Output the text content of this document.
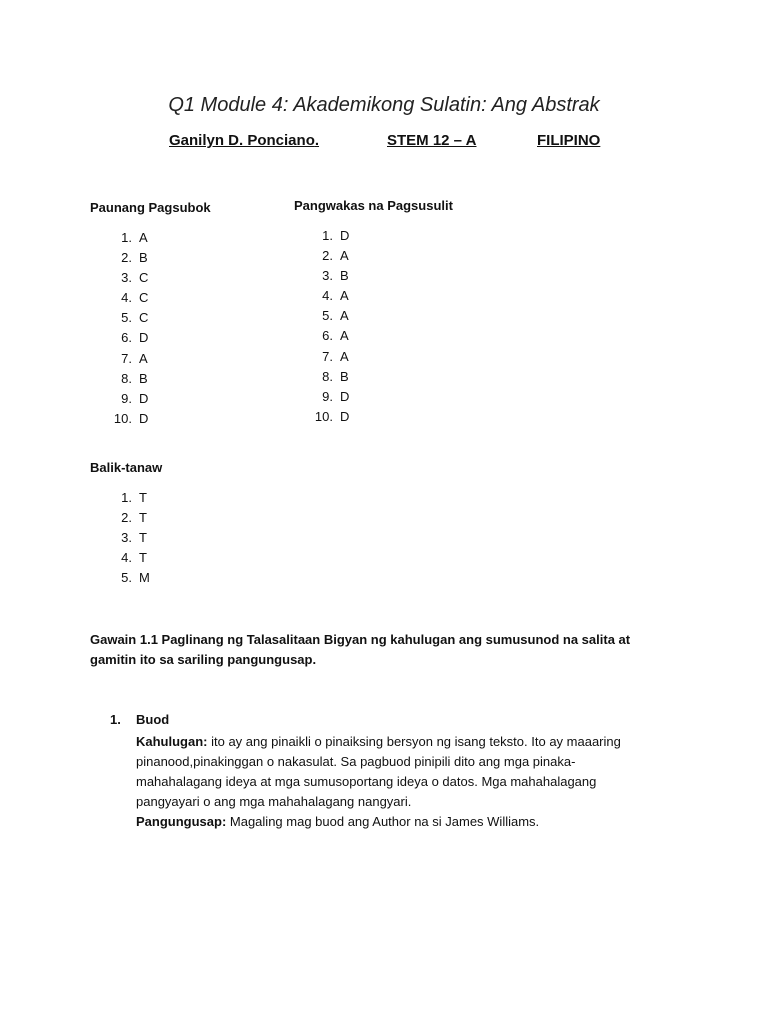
Q1 Module 4: Akademikong Sulatin: Ang Abstrak
Ganilyn D. Ponciano.	STEM 12 – A	FILIPINO
Paunang Pagsubok
1. A
2. B
3. C
4. C
5. C
6. D
7. A
8. B
9. D
10. D
Pangwakas na Pagsusulit
1. D
2. A
3. B
4. A
5. A
6. A
7. A
8. B
9. D
10. D
Balik-tanaw
1. T
2. T
3. T
4. T
5. M
Gawain 1.1 Paglinang ng Talasalitaan Bigyan ng kahulugan ang sumusunod na salita at gamitin ito sa sariling pangungusap.
1. Buod
Kahulugan: ito ay ang pinaikli o pinaiksing bersyon ng isang teksto. Ito ay maaaring pinanood,pinakinggan o nakasulat. Sa pagbuod pinipili dito ang mga pinaka-mahahalagang ideya at mga sumusoportang ideya o datos. Mga mahahalagang pangyayari o ang mga mahahalagang nangyari.
Pangungusap: Magaling mag buod ang Author na si James Williams.
